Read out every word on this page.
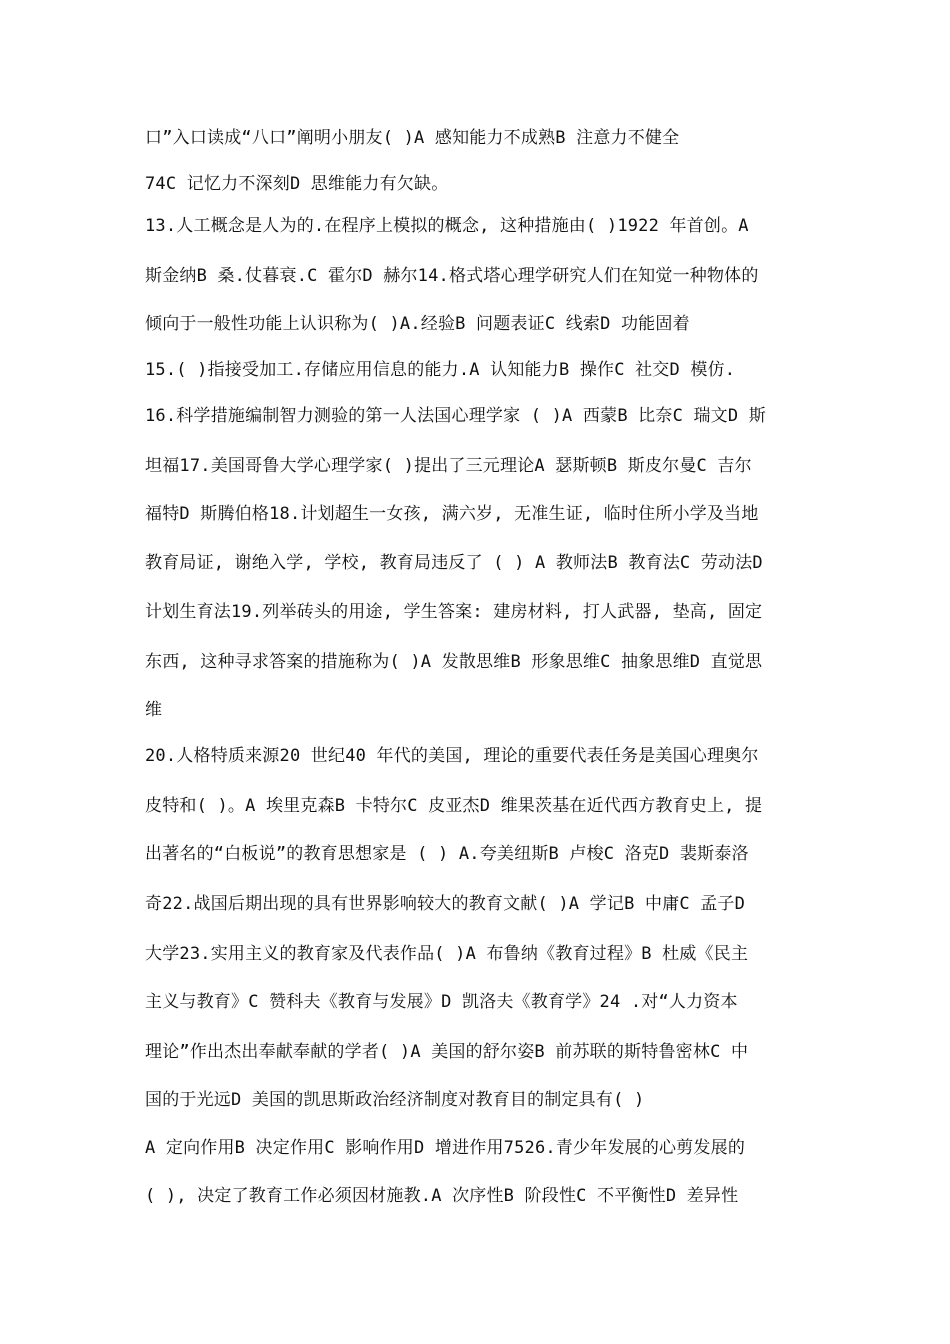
口”入口读成“八口”阐明小朋友( )A 感知能力不成熟B 注意力不健全
74C 记忆力不深刻D 思维能力有欠缺。
13.人工概念是人为的.在程序上模拟的概念, 这种措施由( )1922 年首创。A
斯金纳B 桑.仗暮衰.C 霍尔D 赫尔14.格式塔心理学研究人们在知觉一种物体的
倾向于一般性功能上认识称为( )A.经验B 问题表证C 线索D 功能固着
15.( )指接受加工.存储应用信息的能力.A 认知能力B 操作C 社交D 模仿.
16.科学措施编制智力测验的第一人法国心理学家 ( )A 西蒙B 比奈C 瑞文D 斯
坦福17.美国哥鲁大学心理学家( )提出了三元理论A 瑟斯顿B 斯皮尔曼C 吉尔
福特D 斯腾伯格18.计划超生一女孩, 满六岁, 无准生证, 临时住所小学及当地
教育局证, 谢绝入学, 学校, 教育局违反了 ( ) A 教师法B 教育法C 劳动法D
计划生育法19.列举砖头的用途, 学生答案: 建房材料, 打人武器, 垫高, 固定
东西, 这种寻求答案的措施称为( )A 发散思维B 形象思维C 抽象思维D 直觉思
维
20.人格特质来源20 世纪40 年代的美国, 理论的重要代表任务是美国心理奥尔
皮特和( )。A 埃里克森B 卡特尔C 皮亚杰D 维果茨基在近代西方教育史上, 提
出著名的“白板说”的教育思想家是 ( ) A.夸美纽斯B 卢梭C 洛克D 裴斯泰洛
奇22.战国后期出现的具有世界影响较大的教育文献( )A 学记B 中庸C 孟子D
大学23.实用主义的教育家及代表作品( )A 布鲁纳《教育过程》B 杜威《民主
主义与教育》C 赞科夫《教育与发展》D 凯洛夫《教育学》24 .对“人力资本
理论”作出杰出奉献奉献的学者( )A 美国的舒尔姿B 前苏联的斯特鲁密林C 中
国的于光远D 美国的凯思斯政治经济制度对教育目的制定具有( )
A 定向作用B 决定作用C 影响作用D 增进作用7526.青少年发展的心剪发展的
( ), 决定了教育工作必须因材施教.A 次序性B 阶段性C 不平衡性D 差异性
